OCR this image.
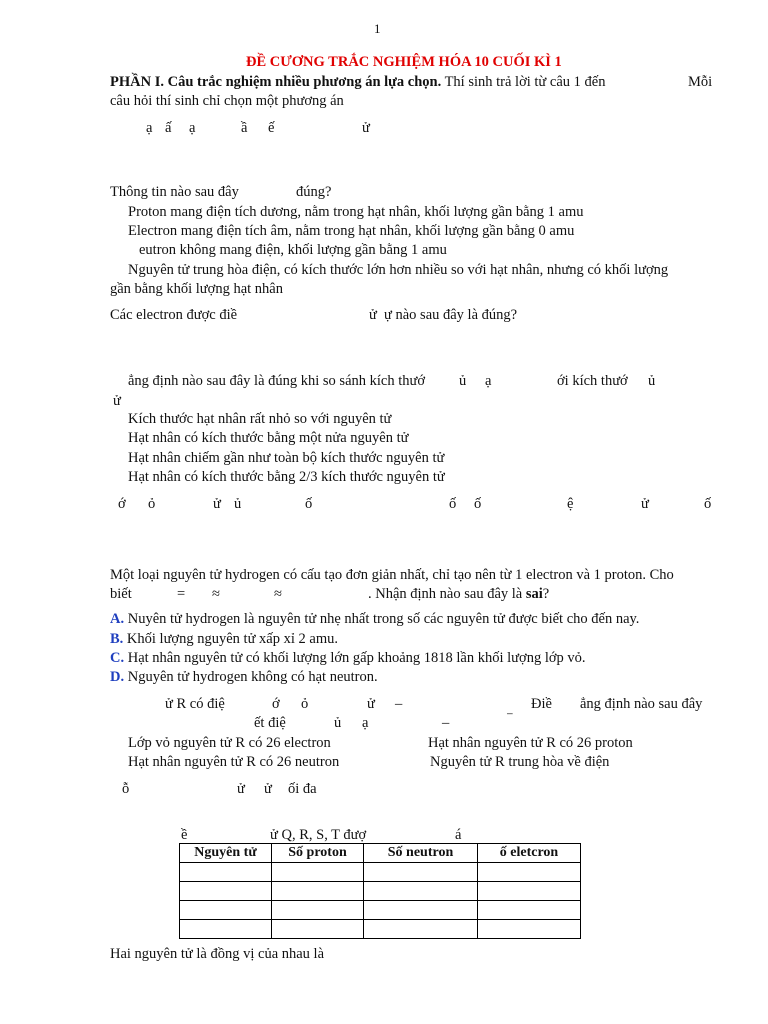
1
ĐỀ CƯƠNG TRẮC NGHIỆM HÓA 10 CUỐI KÌ 1
PHẦN I. Câu trắc nghiệm nhiều phương án lựa chọn. Thí sinh trả lời từ câu 1 đến	Mỗi
câu hỏi thí sinh chỉ chọn một phương án
ạ ấ ạ	ầ ế	ử
Thông tin nào sau đây	đúng?
Proton mang điện tích dương, nằm trong hạt nhân, khối lượng gần bằng 1 amu
Electron mang điện tích âm, nằm trong hạt nhân, khối lượng gần bằng 0 amu
eutron không mang điện, khối lượng gần bằng 1 amu
Nguyên tử trung hòa điện, có kích thước lớn hơn nhiều so với hạt nhân, nhưng có khối lượng
gần bằng khối lượng hạt nhân
Các electron được điề	ử ự nào sau đây là đúng?
ẳng định nào sau đây là đúng khi so sánh kích thướ ủ ạ	ới kích thướ ủ
ử
Kích thước hạt nhân rất nhỏ so với nguyên tử
Hạt nhân có kích thước bằng một nửa nguyên tử
Hạt nhân chiếm gần như toàn bộ kích thước nguyên tử
Hạt nhân có kích thước bằng 2/3 kích thước nguyên tử
ớ ỏ	ử ủ	ố	ố ố	ệ	ử	ố
Một loại nguyên tử hydrogen có cấu tạo đơn giản nhất, chỉ tạo nên từ 1 electron và 1 proton. Cho
biết	= ≈	≈	. Nhận định nào sau đây là sai?
A. Nuyên tử hydrogen là nguyên tử nhẹ nhất trong số các nguyên tử được biết cho đến nay.
B. Khối lượng nguyên tử xấp xỉ 2 amu.
C. Hạt nhân nguyên tử có khối lượng lớn gấp khoảng 1818 lần khối lượng lớp vỏ.
D. Nguyên tử hydrogen không có hạt neutron.
ử R có điệ	ớ ỏ	ử –	Điề ẳng định nào sau đây
ết điệ	ủ ạ	–	⁻
Lớp vỏ nguyên tử R có 26 electron	Hạt nhân nguyên tử R có 26 proton
Hạt nhân nguyên tử R có 26 neutron	Nguyên tử R trung hòa về điện
ỗ	ử ử ối đa
ề	ử Q, R, S, T đượ	á
Nguyên tử	Số proton	Số neutron	ố eletcron

Hai nguyên tử là đồng vị của nhau là
